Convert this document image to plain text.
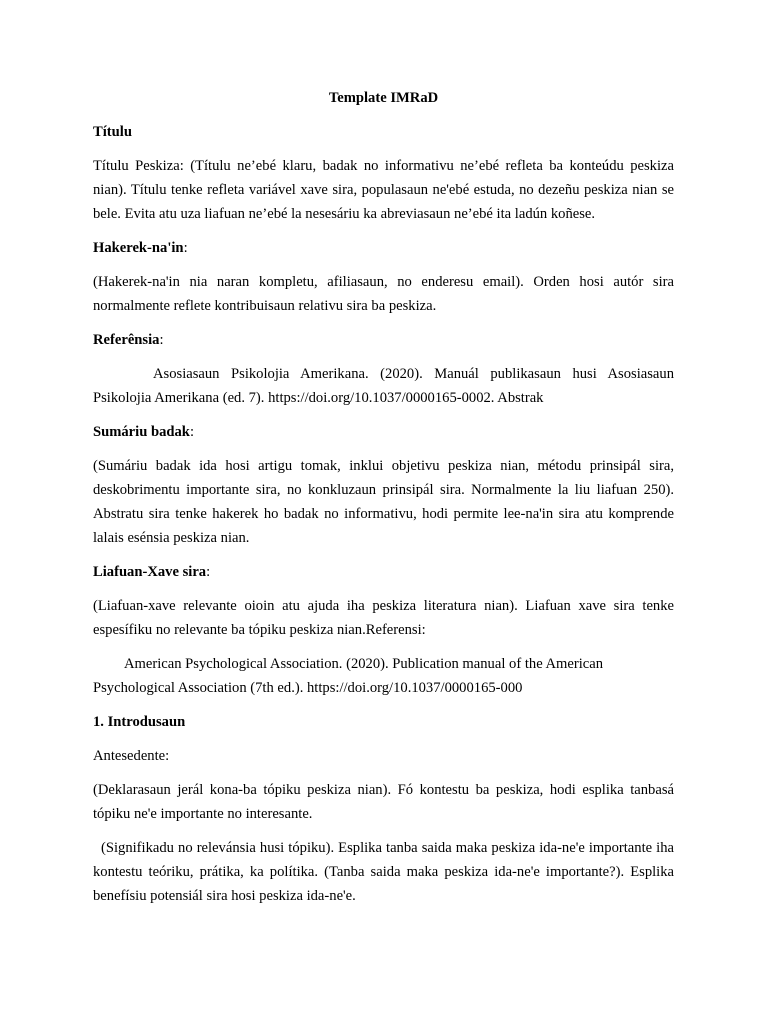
Template IMRaD

Títulu

Títulu Peskiza: (Títulu ne’ebé klaru, badak no informativu ne’ebé refleta ba konteúdu peskiza nian). Títulu tenke refleta variável xave sira, populasaun ne'ebé estuda, no dezeñu peskiza nian se bele. Evita atu uza liafuan ne’ebé la nesesáriu ka abreviasaun ne’ebé ita ladún koñese.

Hakerek-na'in:

(Hakerek-na'in nia naran kompletu, afiliasaun, no enderesu email). Orden hosi autór sira normalmente reflete kontribuisaun relativu sira ba peskiza.

Referênsia:

Asosiasaun Psikolojia Amerikana. (2020). Manuál publikasaun husi Asosiasaun Psikolojia Amerikana (ed. 7). https://doi.org/10.1037/0000165-0002. Abstrak

Sumáriu badak:

(Sumáriu badak ida hosi artigu tomak, inklui objetivu peskiza nian, métodu prinsipál sira, deskobrimentu importante sira, no konkluzaun prinsipál sira. Normalmente la liu liafuan 250). Abstratu sira tenke hakerek ho badak no informativu, hodi permite lee-na'in sira atu komprende lalais esénsia peskiza nian.

Liafuan-Xave sira:

(Liafuan-xave relevante oioin atu ajuda iha peskiza literatura nian). Liafuan xave sira tenke espesífiku no relevante ba tópiku peskiza nian.Referensi:

American Psychological Association. (2020). Publication manual of the American Psychological Association (7th ed.). https://doi.org/10.1037/0000165-000

1. Introdusaun

Antesedente:

(Deklarasaun jerál kona-ba tópiku peskiza nian). Fó kontestu ba peskiza, hodi esplika tanbasá tópiku ne'e importante no interesante.

(Signifikadu no relevánsia husi tópiku). Esplika tanba saida maka peskiza ida-ne'e importante iha kontestu teóriku, prátika, ka polítika. (Tanba saida maka peskiza ida-ne'e importante?). Esplika benefísiu potensiál sira hosi peskiza ida-ne'e.
